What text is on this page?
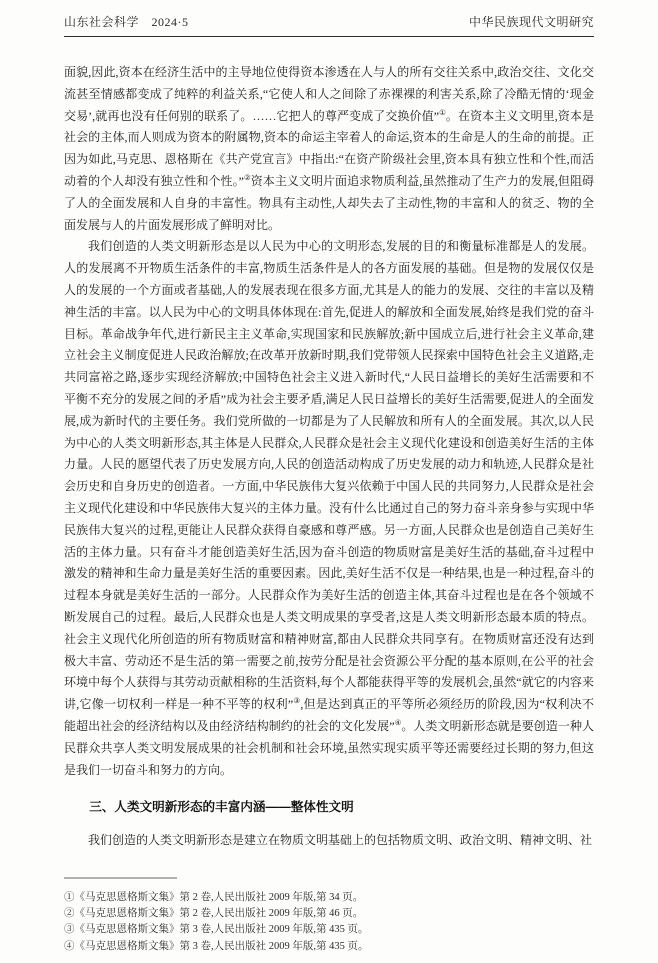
山东社会科学　2024·5	中华民族现代文明研究

面貌,因此,资本在经济生活中的主导地位使得资本渗透在人与人的所有交往关系中,政治交往、文化交流甚至情感都变成了纯粹的利益关系,“它使人和人之间除了赤裸裸的利害关系,除了冷酷无情的‘现金交易’,就再也没有任何别的联系了。……它把人的尊严变成了交换价值”①。在资本主义文明里,资本是社会的主体,而人则成为资本的附属物,资本的命运主宰着人的命运,资本的生命是人的生命的前提。正因为如此,马克思、恩格斯在《共产党宣言》中指出:“在资产阶级社会里,资本具有独立性和个性,而活动着的个人却没有独立性和个性。”②资本主义文明片面追求物质利益,虽然推动了生产力的发展,但阻碍了人的全面发展和人自身的丰富性。物具有主动性,人却失去了主动性,物的丰富和人的贫乏、物的全面发展与人的片面发展形成了鲜明对比。

我们创造的人类文明新形态是以人民为中心的文明形态,发展的目的和衡量标准都是人的发展。人的发展离不开物质生活条件的丰富,物质生活条件是人的各方面发展的基础。但是物的发展仅仅是人的发展的一个方面或者基础,人的发展表现在很多方面,尤其是人的能力的发展、交往的丰富以及精神生活的丰富。以人民为中心的文明具体体现在:首先,促进人的解放和全面发展,始终是我们党的奋斗目标。革命战争年代,进行新民主主义革命,实现国家和民族解放;新中国成立后,进行社会主义革命,建立社会主义制度促进人民政治解放;在改革开放新时期,我们党带领人民探索中国特色社会主义道路,走共同富裕之路,逐步实现经济解放;中国特色社会主义进入新时代,“人民日益增长的美好生活需要和不平衡不充分的发展之间的矛盾”成为社会主要矛盾,满足人民日益增长的美好生活需要,促进人的全面发展,成为新时代的主要任务。我们党所做的一切都是为了人民解放和所有人的全面发展。其次,以人民为中心的人类文明新形态,其主体是人民群众,人民群众是社会主义现代化建设和创造美好生活的主体力量。人民的愿望代表了历史发展方向,人民的创造活动构成了历史发展的动力和轨迹,人民群众是社会历史和自身历史的创造者。一方面,中华民族伟大复兴依赖于中国人民的共同努力,人民群众是社会主义现代化建设和中华民族伟大复兴的主体力量。没有什么比通过自己的努力奋斗亲身参与实现中华民族伟大复兴的过程,更能让人民群众获得自豪感和尊严感。另一方面,人民群众也是创造自己美好生活的主体力量。只有奋斗才能创造美好生活,因为奋斗创造的物质财富是美好生活的基础,奋斗过程中激发的精神和生命力量是美好生活的重要因素。因此,美好生活不仅是一种结果,也是一种过程,奋斗的过程本身就是美好生活的一部分。人民群众作为美好生活的创造主体,其奋斗过程也是在各个领域不断发展自己的过程。最后,人民群众也是人类文明成果的享受者,这是人类文明新形态最本质的特点。社会主义现代化所创造的所有物质财富和精神财富,都由人民群众共同享有。在物质财富还没有达到极大丰富、劳动还不是生活的第一需要之前,按劳分配是社会资源公平分配的基本原则,在公平的社会环境中每个人获得与其劳动贡献相称的生活资料,每个人都能获得平等的发展机会,虽然“就它的内容来讲,它像一切权利一样是一种不平等的权利”③,但是达到真正的平等所必须经历的阶段,因为“权利决不能超出社会的经济结构以及由经济结构制约的社会的文化发展”④。人类文明新形态就是要创造一种人民群众共享人类文明发展成果的社会机制和社会环境,虽然实现实质平等还需要经过长期的努力,但这是我们一切奋斗和努力的方向。

三、人类文明新形态的丰富内涵——整体性文明

我们创造的人类文明新形态是建立在物质文明基础上的包括物质文明、政治文明、精神文明、社

①《马克思恩格斯文集》第 2 卷,人民出版社 2009 年版,第 34 页。
②《马克思恩格斯文集》第 2 卷,人民出版社 2009 年版,第 46 页。
③《马克思恩格斯文集》第 3 卷,人民出版社 2009 年版,第 435 页。
④《马克思恩格斯文集》第 3 卷,人民出版社 2009 年版,第 435 页。
